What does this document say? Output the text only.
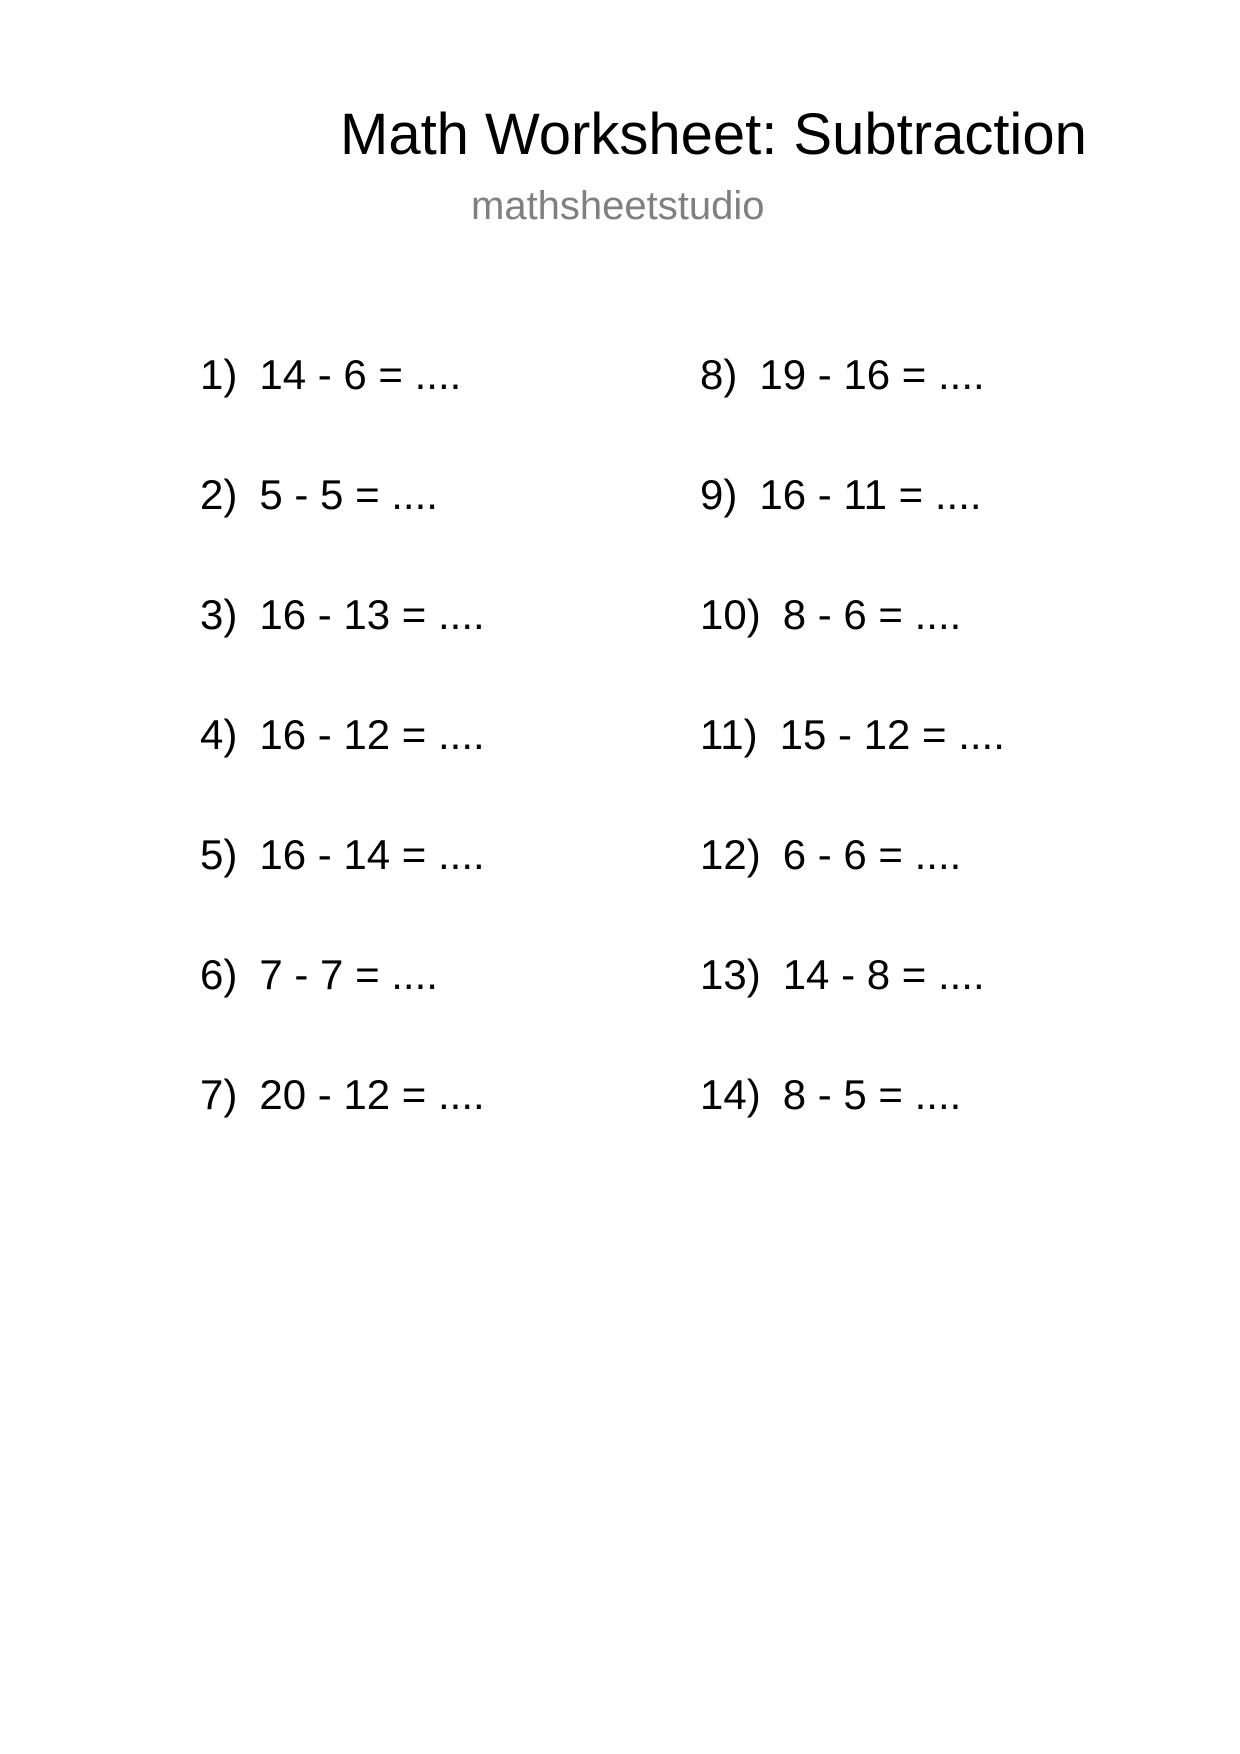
Math Worksheet: Subtraction
mathsheetstudio
1) 14 - 6 = ....
2) 5 - 5 = ....
3) 16 - 13 = ....
4) 16 - 12 = ....
5) 16 - 14 = ....
6) 7 - 7 = ....
7) 20 - 12 = ....
8) 19 - 16 = ....
9) 16 - 11 = ....
10) 8 - 6 = ....
11) 15 - 12 = ....
12) 6 - 6 = ....
13) 14 - 8 = ....
14) 8 - 5 = ....
